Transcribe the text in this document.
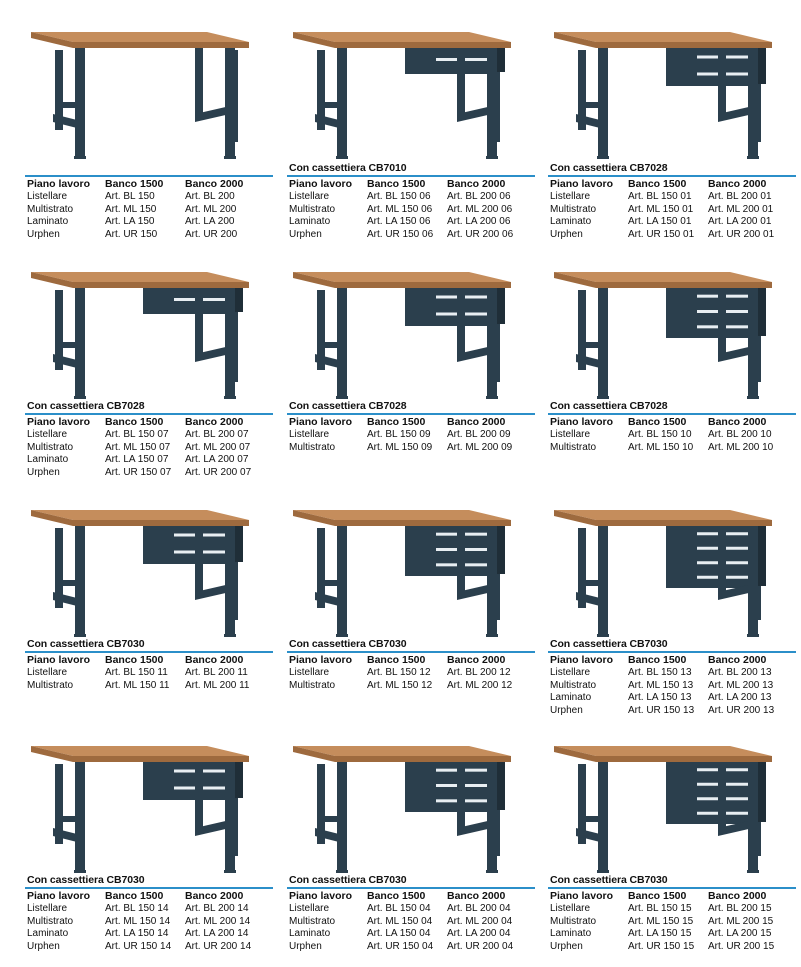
Piano lavoro	Banco 1500	Banco 2000
Listellare	Art. BL 150	Art. BL 200
Multistrato	Art. ML 150	Art. ML 200
Laminato	Art. LA 150	Art. LA 200
Urphen	Art. UR 150	Art. UR 200
Con cassettiera CB7010
Piano lavoro	Banco 1500	Banco 2000
Listellare	Art. BL 150 06	Art. BL 200 06
Multistrato	Art. ML 150 06	Art. ML 200 06
Laminato	Art. LA 150 06	Art. LA 200 06
Urphen	Art. UR 150 06	Art. UR 200 06
Con cassettiera CB7028
Piano lavoro	Banco 1500	Banco 2000
Listellare	Art. BL 150 01	Art. BL 200 01
Multistrato	Art. ML 150 01	Art. ML 200 01
Laminato	Art. LA 150 01	Art. LA 200 01
Urphen	Art. UR 150 01	Art. UR 200 01
Con cassettiera CB7028
Piano lavoro	Banco 1500	Banco 2000
Listellare	Art. BL 150 07	Art. BL 200 07
Multistrato	Art. ML 150 07	Art. ML 200 07
Laminato	Art. LA 150 07	Art. LA 200 07
Urphen	Art. UR 150 07	Art. UR 200 07
Con cassettiera CB7028
Piano lavoro	Banco 1500	Banco 2000
Listellare	Art. BL 150 09	Art. BL 200 09
Multistrato	Art. ML 150 09	Art. ML 200 09
Con cassettiera CB7028
Piano lavoro	Banco 1500	Banco 2000
Listellare	Art. BL 150 10	Art. BL 200 10
Multistrato	Art. ML 150 10	Art. ML 200 10
Con cassettiera CB7030
Piano lavoro	Banco 1500	Banco 2000
Listellare	Art. BL 150 11	Art. BL 200 11
Multistrato	Art. ML 150 11	Art. ML 200 11
Con cassettiera CB7030
Piano lavoro	Banco 1500	Banco 2000
Listellare	Art. BL 150 12	Art. BL 200 12
Multistrato	Art. ML 150 12	Art. ML 200 12
Con cassettiera CB7030
Piano lavoro	Banco 1500	Banco 2000
Listellare	Art. BL 150 13	Art. BL 200 13
Multistrato	Art. ML 150 13	Art. ML 200 13
Laminato	Art. LA 150 13	Art. LA 200 13
Urphen	Art. UR 150 13	Art. UR 200 13
Con cassettiera CB7030
Piano lavoro	Banco 1500	Banco 2000
Listellare	Art. BL 150 14	Art. BL 200 14
Multistrato	Art. ML 150 14	Art. ML 200 14
Laminato	Art. LA 150 14	Art. LA 200 14
Urphen	Art. UR 150 14	Art. UR 200 14
Con cassettiera CB7030
Piano lavoro	Banco 1500	Banco 2000
Listellare	Art. BL 150 04	Art. BL 200 04
Multistrato	Art. ML 150 04	Art. ML 200 04
Laminato	Art. LA 150 04	Art. LA 200 04
Urphen	Art. UR 150 04	Art. UR 200 04
Con cassettiera CB7030
Piano lavoro	Banco 1500	Banco 2000
Listellare	Art. BL 150 15	Art. BL 200 15
Multistrato	Art. ML 150 15	Art. ML 200 15
Laminato	Art. LA 150 15	Art. LA 200 15
Urphen	Art. UR 150 15	Art. UR 200 15
